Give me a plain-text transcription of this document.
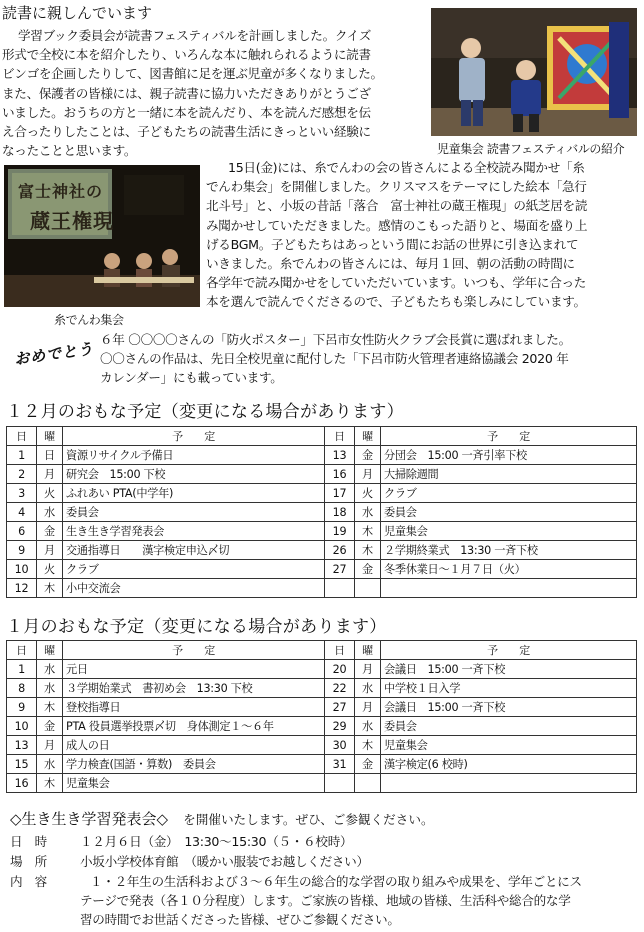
読書に親しんでいます
学習ブック委員会が読書フェスティバルを計画しました。クイズ
形式で全校に本を紹介したり、いろんな本に触れられるように読書
ビンゴを企画したりして、図書館に足を運ぶ児童が多くなりました。
また、保護者の皆様には、親子読書に協力いただきありがとうござ
いました。おうちの方と一緒に本を読んだり、本を読んだ感想を伝
え合ったりしたことは、子どもたちの読書生活にきっといい経験に
なったことと思います。	児童集会 読書フェスティバルの紹介
富士神社の
蔵王権現
糸でんわ集会
15日(金)には、糸でんわの会の皆さんによる全校読み聞かせ「糸
でんわ集会」を開催しました。クリスマスをテーマにした絵本「急行
北斗号」と、小坂の昔話「落合　富士神社の蔵王権現」の紙芝居を読
み聞かせしていただきました。感情のこもった語りと、場面を盛り上
げるBGM。子どもたちはあっという間にお話の世界に引き込まれて
いきました。糸でんわの皆さんには、毎月１回、朝の活動の時間に
各学年で読み聞かせをしていただいています。いつも、学年に合った
本を選んで読んでくださるので、子どもたちも楽しみにしています。
おめでとう
６年 〇〇〇〇さんの「防火ポスター」下呂市女性防火クラブ会長賞に選ばれました。
〇〇さんの作品は、先日全校児童に配付した「下呂市防火管理者連絡協議会 2020 年
カレンダー」にも載っています。
１２月のおもな予定（変更になる場合があります）
日	曜	予　　定	日	曜	予　　定
1	日	資源リサイクル予備日	13	金	分団会　15:00 一斉引率下校
2	月	研究会　15:00 下校	16	月	大掃除週間
3	火	ふれあい PTA(中学年)	17	火	クラブ
4	水	委員会	18	水	委員会
6	金	生き生き学習発表会	19	木	児童集会
9	月	交通指導日　　漢字検定申込〆切	26	木	２学期終業式　13:30 一斉下校
10	火	クラブ	27	金	冬季休業日〜１月７日（火）
12	木	小中交流会			
１月のおもな予定（変更になる場合があります）
日	曜	予　　定	日	曜	予　　定
1	水	元日	20	月	会議日　15:00 一斉下校
8	水	３学期始業式　書初め会　13:30 下校	22	水	中学校１日入学
9	木	登校指導日	27	月	会議日　15:00 一斉下校
10	金	PTA 役員選挙投票〆切　身体測定１〜６年	29	水	委員会
13	月	成人の日	30	木	児童集会
15	水	学力検査(国語・算数)　委員会	31	金	漢字検定(6 校時)
16	木	児童集会			
◇生き生き学習発表会◇ を開催いたします。ぜひ、ご参観ください。
日　時	１２月６日（金）　13:30〜15:30（５・６校時）
場　所	小坂小学校体育館　（暖かい服装でお越しください）
内　容	１・２年生の生活科および３〜６年生の総合的な学習の取り組みや成果を、学年ごとにス
テージで発表（各１０分程度）します。ご家族の皆様、地域の皆様、生活科や総合的な学
習の時間でお世話くださった皆様、ぜひご参観ください。
